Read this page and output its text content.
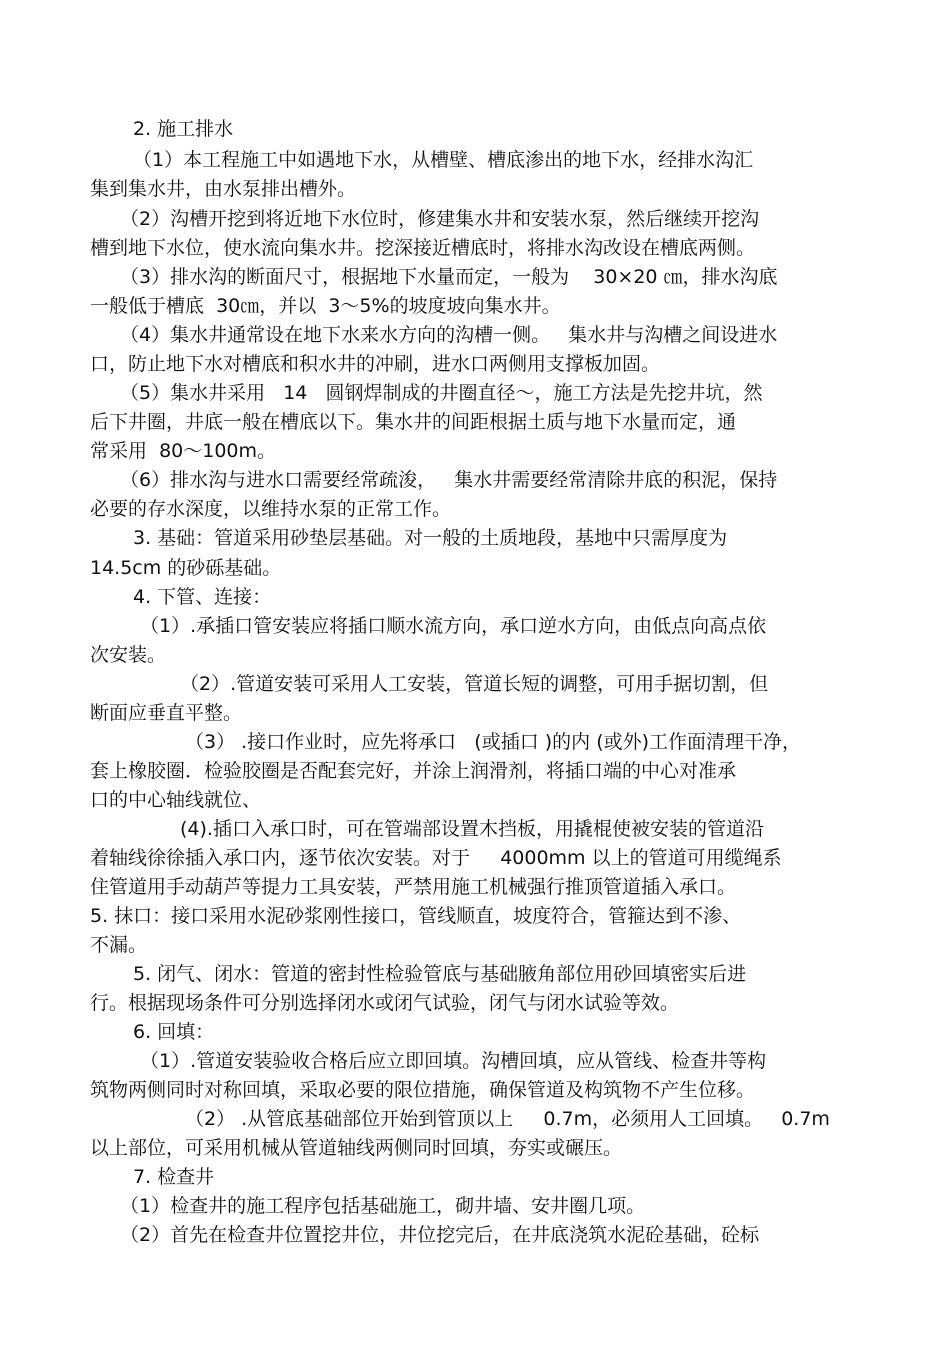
2. 施工排水
（1）本工程施工中如遇地下水，从槽壁、槽底渗出的地下水，经排水沟汇
集到集水井，由水泵排出槽外。
（2）沟槽开挖到将近地下水位时，修建集水井和安装水泵，然后继续开挖沟
槽到地下水位，使水流向集水井。挖深接近槽底时，将排水沟改设在槽底两侧。
（3）排水沟的断面尺寸，根据地下水量而定，一般为    30×20 ㎝，排水沟底
一般低于槽底  30㎝，并以  3～5%的坡度坡向集水井。
（4）集水井通常设在地下水来水方向的沟槽一侧。   集水井与沟槽之间设进水
口，防止地下水对槽底和积水井的冲刷，进水口两侧用支撑板加固。
（5）集水井采用   14   圆钢焊制成的井圈直径～，施工方法是先挖井坑，然
后下井圈，井底一般在槽底以下。集水井的间距根据土质与地下水量而定，通
常采用  80～100m。
（6）排水沟与进水口需要经常疏浚，   集水井需要经常清除井底的积泥，保持
必要的存水深度，以维持水泵的正常工作。
3. 基础：管道采用砂垫层基础。对一般的土质地段，基地中只需厚度为
14.5cm 的砂砾基础。
4. 下管、连接：
（1）.承插口管安装应将插口顺水流方向，承口逆水方向，由低点向高点依
次安装。
（2）.管道安装可采用人工安装，管道长短的调整，可用手据切割，但
断面应垂直平整。
（3） .接口作业时，应先将承口   (或插口 )的内 (或外)工作面清理干净，
套上橡胶圈．检验胶圈是否配套完好，并涂上润滑剂，将插口端的中心对准承
口的中心轴线就位、
(4).插口入承口时，可在管端部设置木挡板，用撬棍使被安装的管道沿
着轴线徐徐插入承口内，逐节依次安装。对于     4000mm 以上的管道可用缆绳系
住管道用手动葫芦等提力工具安装，严禁用施工机械强行推顶管道插入承口。
5. 抹口：接口采用水泥砂浆刚性接口，管线顺直，坡度符合，管箍达到不渗、
不漏。
5. 闭气、闭水：管道的密封性检验管底与基础腋角部位用砂回填密实后进
行。根据现场条件可分别选择闭水或闭气试验，闭气与闭水试验等效。
6. 回填：
（1）.管道安装验收合格后应立即回填。沟槽回填，应从管线、检查井等构
筑物两侧同时对称回填，采取必要的限位措施，确保管道及构筑物不产生位移。
（2） .从管底基础部位开始到管顶以上     0.7m，必须用人工回填。   0.7m
以上部位，可采用机械从管道轴线两侧同时回填，夯实或碾压。
7. 检查井
（1）检查井的施工程序包括基础施工，砌井墙、安井圈几项。
（2）首先在检查井位置挖井位，井位挖完后，在井底浇筑水泥砼基础，砼标
